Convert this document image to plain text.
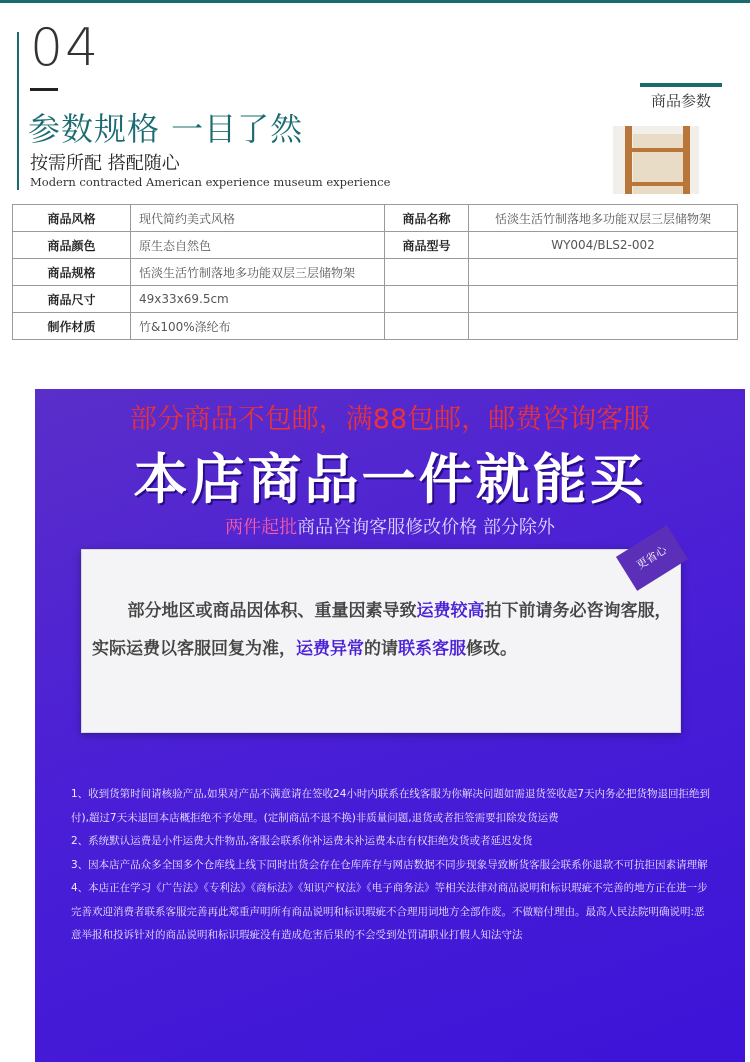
04
参数规格 一目了然
按需所配 搭配随心
Modern contracted American experience museum experience
商品参数
商品风格	现代简约美式风格	商品名称	恬淡生活竹制落地多功能双层三层储物架
商品颜色	原生态自然色	商品型号	WY004/BLS2-002
商品规格	恬淡生活竹制落地多功能双层三层储物架		
商品尺寸	49x33x69.5cm		
制作材质	竹&100%涤纶布		
部分商品不包邮，满88包邮，邮费咨询客服
本店商品一件就能买
两件起批商品咨询客服修改价格 部分除外
更省心
部分地区或商品因体积、重量因素导致运费较高拍下前请务必咨询客服，实际运费以客服回复为准，运费异常的请联系客服修改。
1、收到货第时间请核验产品,如果对产品不满意请在签收24小时内联系在线客服为你解决问题如需退货签收起7天内务必把货物退回拒绝到付),超过7天未退回本店概拒绝不予处理。(定制商品不退不换)非质量问题,退货或者拒签需要扣除发货运费
2、系统默认运费是小件运费大件物品,客服会联系你补运费未补运费本店有权拒绝发货或者延迟发货
3、因本店产品众多全国多个仓库线上线下同时出货会存在仓库库存与网店数据不同步现象导致断货客服会联系你退款不可抗拒因素请理解
4、本店正在学习《广告法》《专利法》《商标法》《知识产权法》《电子商务法》等相关法律对商品说明和标识瑕疵不完善的地方正在进一步完善欢迎消费者联系客服完善再此郑重声明所有商品说明和标识瑕疵不合理用词地方全部作废。不做赔付理由。最高人民法院明确说明:恶意举报和投诉针对的商品说明和标识瑕疵没有造成危害后果的不会受到处罚请职业打假人知法守法
